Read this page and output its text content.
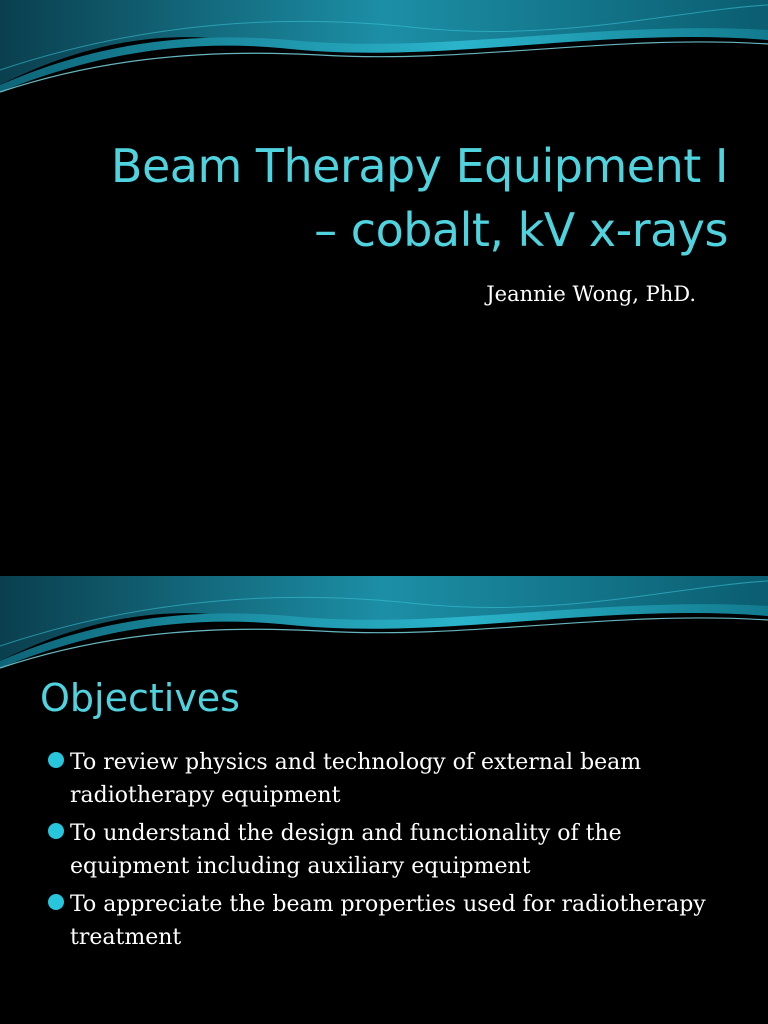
Beam Therapy Equipment I
– cobalt, kV x-rays

Jeannie Wong, PhD.

Objectives
To review physics and technology of external beam radiotherapy equipment
To understand the design and functionality of the equipment including auxiliary equipment
To appreciate the beam properties used for radiotherapy treatment
